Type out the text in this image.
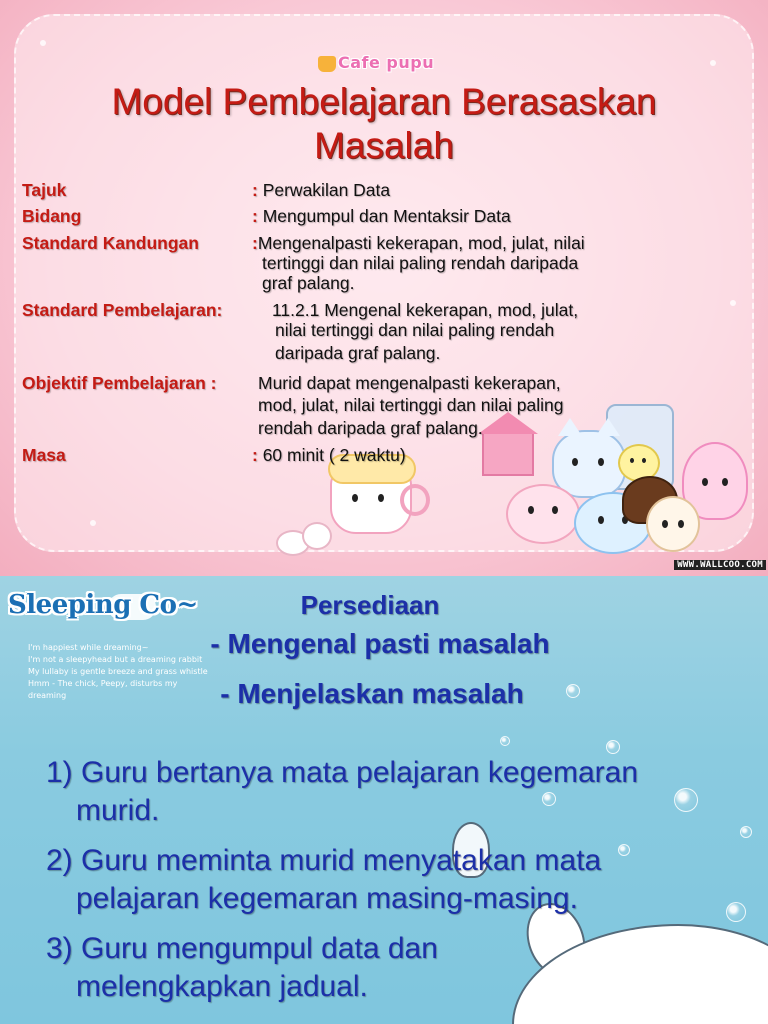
Cafe pupu
Model Pembelajaran Berasaskan
Masalah
Tajuk	: Perwakilan Data
Bidang	: Mengumpul dan Mentaksir Data
Standard Kandungan	:Mengenalpasti kekerapan, mod, julat, nilai
tertinggi dan nilai paling rendah daripada
graf palang.
Standard Pembelajaran:	11.2.1 Mengenal kekerapan, mod, julat,
nilai tertinggi dan nilai paling rendah
daripada graf palang.
Objektif Pembelajaran : Murid dapat mengenalpasti kekerapan,
mod, julat, nilai tertinggi dan nilai paling
rendah daripada graf palang.
Masa	: 60 minit ( 2 waktu)
WWW.WALLCOO.COM
Sleeping Co~
I'm happiest while dreaming~
I'm not a sleepyhead but a dreaming rabbit
My lullaby is gentle breeze and grass whistle
Hmm - The chick, Peepy, disturbs my dreaming
Persediaan
- Mengenal pasti masalah
- Menjelaskan masalah
1) Guru bertanya mata pelajaran kegemaran
murid.
2) Guru meminta murid menyatakan mata
pelajaran kegemaran masing-masing.
3) Guru mengumpul data dan
melengkapkan jadual.
